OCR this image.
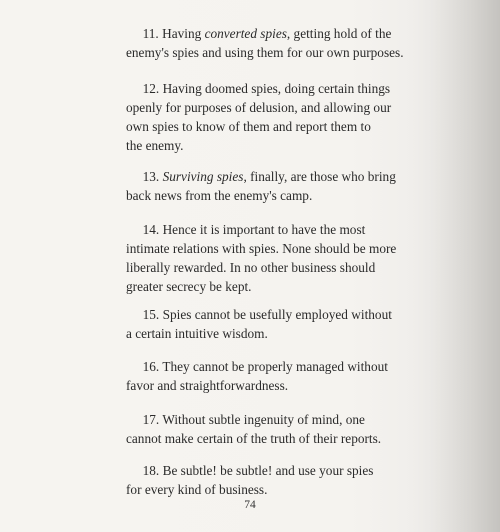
11. Having converted spies, getting hold of the
enemy's spies and using them for our own purposes.
12. Having doomed spies, doing certain things
openly for purposes of delusion, and allowing our
own spies to know of them and report them to
the enemy.
13. Surviving spies, finally, are those who bring
back news from the enemy's camp.
14. Hence it is important to have the most
intimate relations with spies. None should be more
liberally rewarded. In no other business should
greater secrecy be kept.
15. Spies cannot be usefully employed without
a certain intuitive wisdom.
16. They cannot be properly managed without
favor and straightforwardness.
17. Without subtle ingenuity of mind, one
cannot make certain of the truth of their reports.
18. Be subtle! be subtle! and use your spies
for every kind of business.
74
